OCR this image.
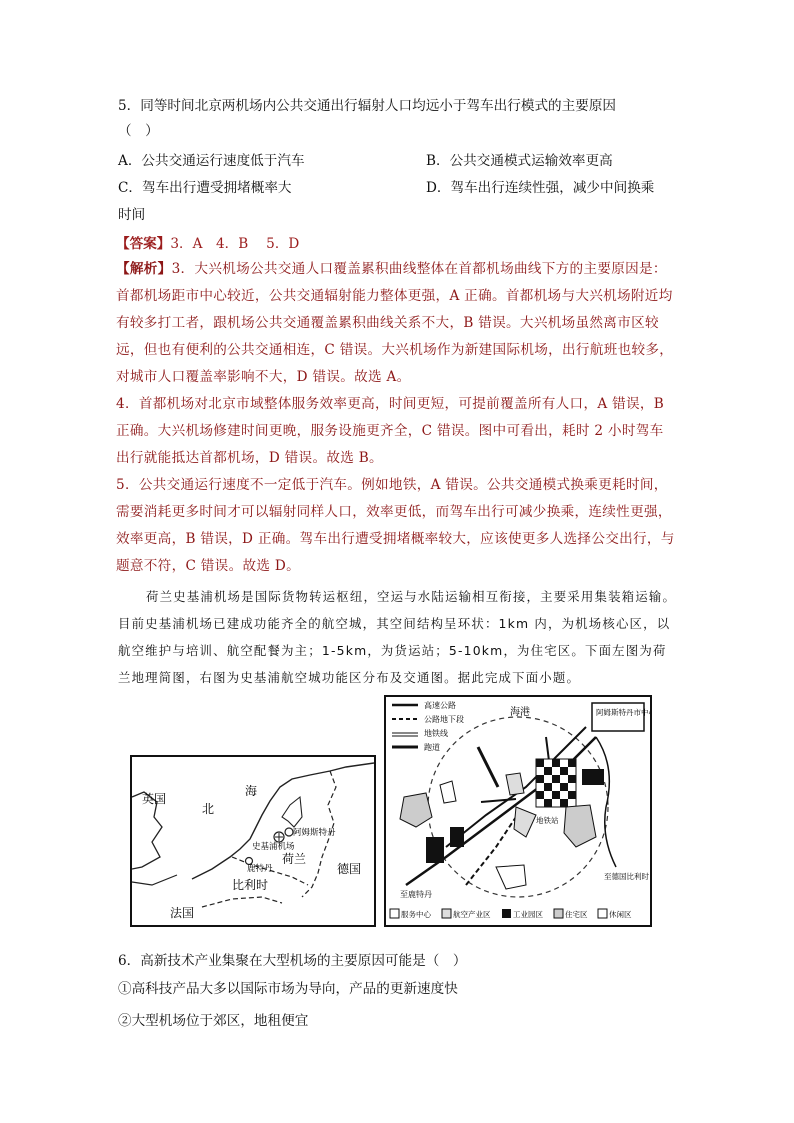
5．同等时间北京两机场内公共交通出行辐射人口均远小于驾车出行模式的主要原因
（　）
A．公共交通运行速度低于汽车	B．公共交通模式运输效率更高
C．驾车出行遭受拥堵概率大	D．驾车出行连续性强，减少中间换乘
时间
【答案】3．A　4．B　 5．D
【解析】3．大兴机场公共交通人口覆盖累积曲线整体在首都机场曲线下方的主要原因是：首都机场距市中心较近，公共交通辐射能力整体更强，A 正确。首都机场与大兴机场附近均有较多打工者，跟机场公共交通覆盖累积曲线关系不大，B 错误。大兴机场虽然离市区较远，但也有便利的公共交通相连，C 错误。大兴机场作为新建国际机场，出行航班也较多，对城市人口覆盖率影响不大，D 错误。故选 A。
4．首都机场对北京市域整体服务效率更高，时间更短，可提前覆盖所有人口，A 错误，B 正确。大兴机场修建时间更晚，服务设施更齐全，C 错误。图中可看出，耗时 2 小时驾车出行就能抵达首都机场，D 错误。故选 B。
5．公共交通运行速度不一定低于汽车。例如地铁，A 错误。公共交通模式换乘更耗时间，需要消耗更多时间才可以辐射同样人口，效率更低，而驾车出行可减少换乘，连续性更强，效率更高，B 错误，D 正确。驾车出行遭受拥堵概率较大，应该使更多人选择公交出行，与题意不符，C 错误。故选 D。
荷兰史基浦机场是国际货物转运枢纽，空运与水陆运输相互衔接，主要采用集装箱运输。目前史基浦机场已建成功能齐全的航空城，其空间结构呈环状：1km 内，为机场核心区，以航空维护与培训、航空配餐为主；1-5km，为货运站；5-10km，为住宅区。下面左图为荷兰地理简图，右图为史基浦航空城功能区分布及交通图。据此完成下面小题。
英国
北
海
阿姆斯特丹
史基浦机场
鹿特丹
荷兰
德国
比利时
法国
高速公路
公路地下段
地铁线
跑道
阿姆斯特丹市中心
海港
地铁站
至鹿特丹
至德国比利时
服务中心	航空产业区	工业园区	住宅区	休闲区
6．高新技术产业集聚在大型机场的主要原因可能是（　）
①高科技产品大多以国际市场为导向，产品的更新速度快
②大型机场位于郊区，地租便宜
